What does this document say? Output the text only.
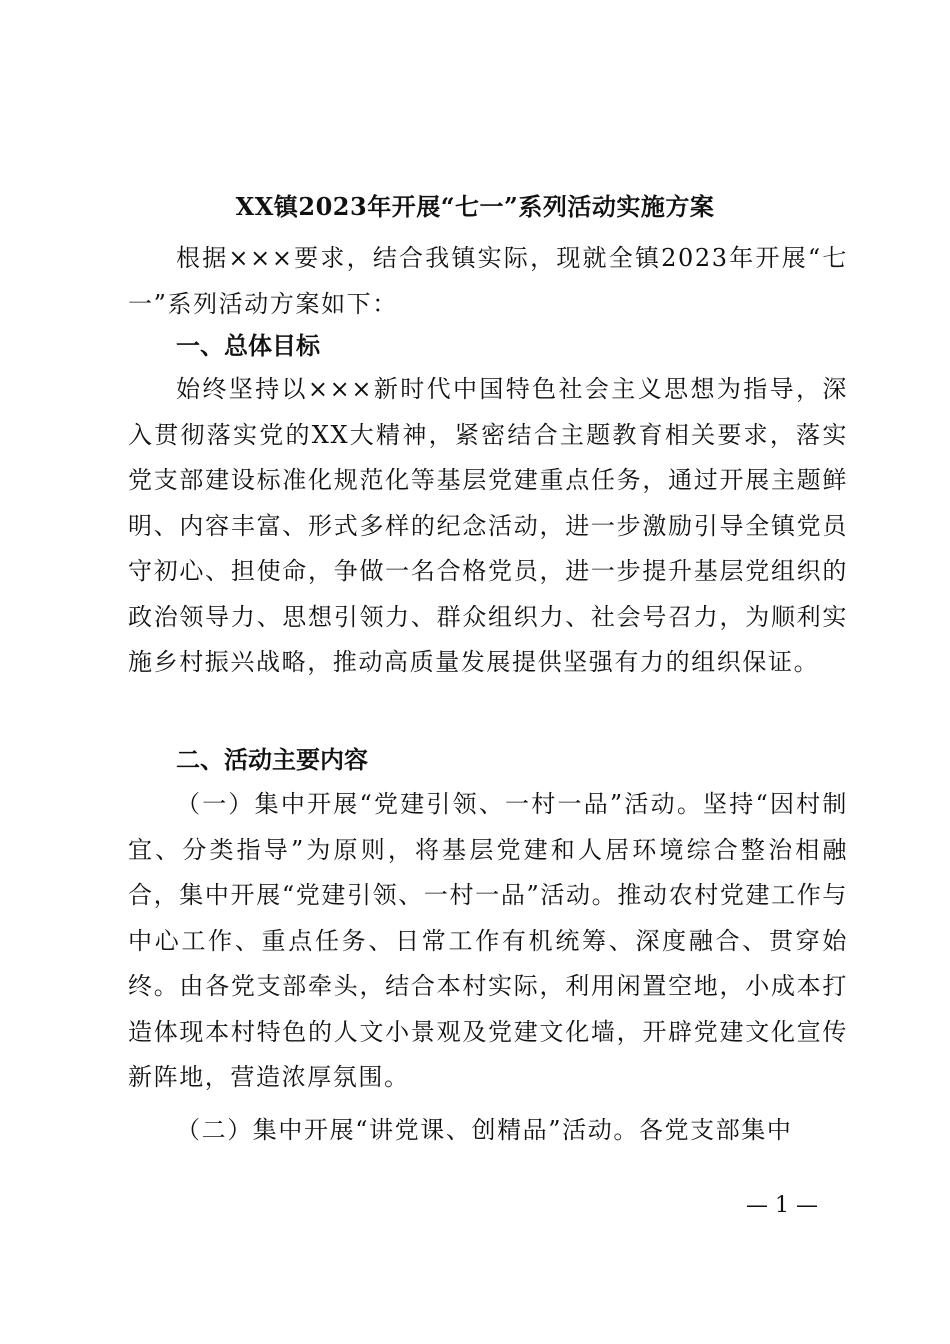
XX镇2023年开展“七一”系列活动实施方案
根据×××要求，结合我镇实际，现就全镇2023年开展“七一”系列活动方案如下：
一、总体目标
始终坚持以×××新时代中国特色社会主义思想为指导，深入贯彻落实党的XX大精神，紧密结合主题教育相关要求，落实党支部建设标准化规范化等基层党建重点任务，通过开展主题鲜明、内容丰富、形式多样的纪念活动，进一步激励引导全镇党员守初心、担使命，争做一名合格党员，进一步提升基层党组织的政治领导力、思想引领力、群众组织力、社会号召力，为顺利实施乡村振兴战略，推动高质量发展提供坚强有力的组织保证。
二、活动主要内容
（一）集中开展“党建引领、一村一品”活动。坚持“因村制宜、分类指导”为原则，将基层党建和人居环境综合整治相融合，集中开展“党建引领、一村一品”活动。推动农村党建工作与中心工作、重点任务、日常工作有机统筹、深度融合、贯穿始终。由各党支部牵头，结合本村实际，利用闲置空地，小成本打造体现本村特色的人文小景观及党建文化墙，开辟党建文化宣传新阵地，营造浓厚氛围。
（二）集中开展“讲党课、创精品”活动。各党支部集中
— 1 —
